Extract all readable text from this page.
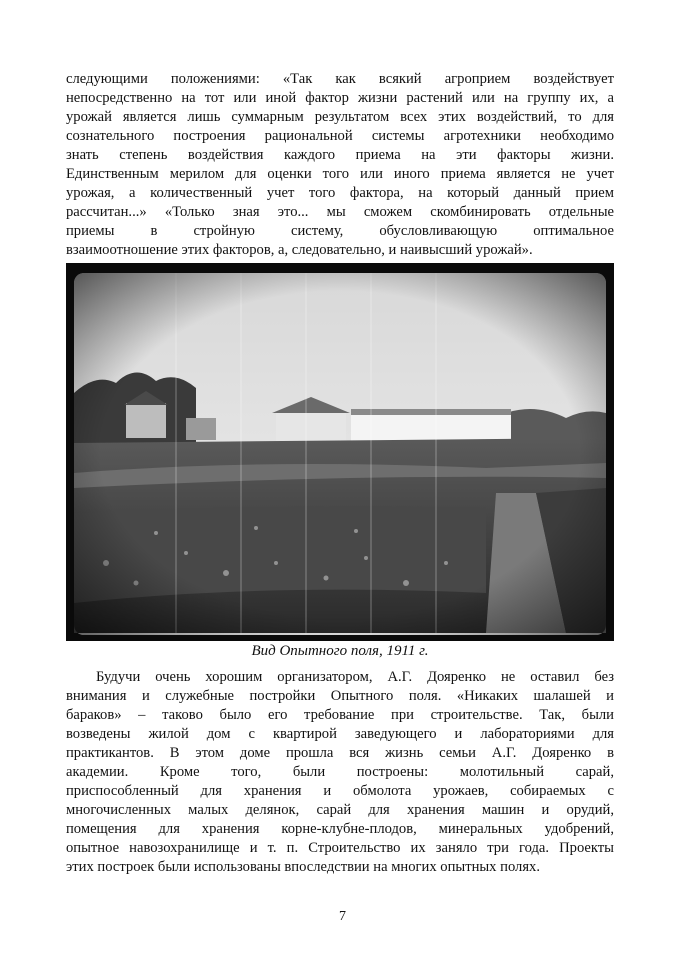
следующими положениями: «Так как всякий агроприем воздействует
непосредственно на тот или иной фактор жизни растений или на группу их, а
урожай является лишь суммарным результатом всех этих воздействий, то для
сознательного построения рациональной системы агротехники необходимо
знать степень воздействия каждого приема на эти факторы жизни.
Единственным мерилом для оценки того или иного приема является не учет
урожая, а количественный учет того фактора, на который данный прием
рассчитан...» «Только зная это... мы сможем скомбинировать отдельные
приемы в стройную систему, обусловливающую оптимальное
взаимоотношение этих факторов, а, следовательно, и наивысший урожай».
Вид Опытного поля, 1911 г.
Будучи очень хорошим организатором, А.Г. Дояренко не оставил без
внимания и служебные постройки Опытного поля. «Никаких шалашей и
бараков» – таково было его требование при строительстве. Так, были
возведены жилой дом с квартирой заведующего и лабораториями для
практикантов. В этом доме прошла вся жизнь семьи А.Г. Дояренко в
академии. Кроме того, были построены: молотильный сарай,
приспособленный для хранения и обмолота урожаев, собираемых с
многочисленных малых делянок, сарай для хранения машин и орудий,
помещения для хранения корне-клубне-плодов, минеральных удобрений,
опытное навозохранилище и т. п. Строительство их заняло три года. Проекты
этих построек были использованы впоследствии на многих опытных полях.
7
